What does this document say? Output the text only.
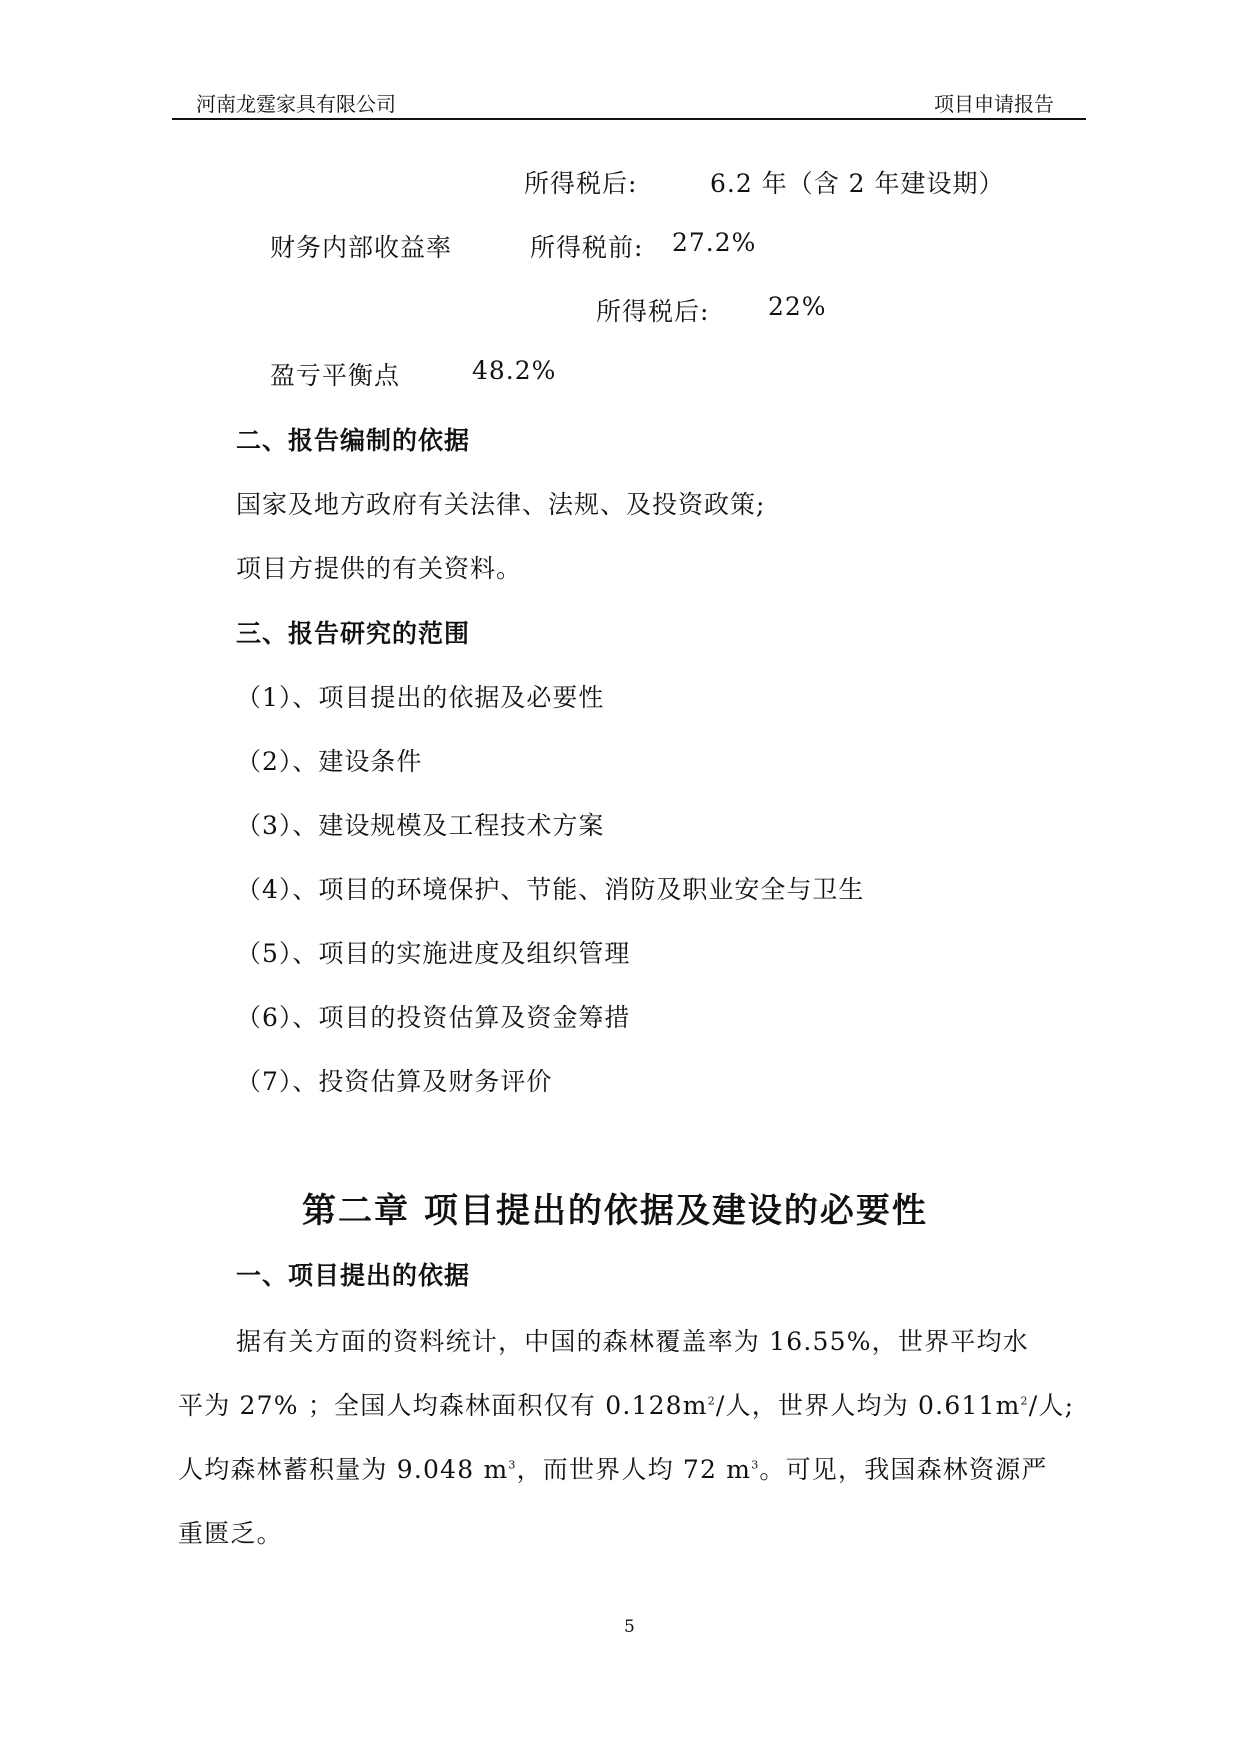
河南龙霆家具有限公司	项目申请报告
所得税后:	6.2 年（含 2 年建设期）
财务内部收益率	所得税前: 27.2%
所得税后: 22%
盈亏平衡点	48.2%
二、报告编制的依据
国家及地方政府有关法律、法规、及投资政策;
项目方提供的有关资料。
三、报告研究的范围
（1）、项目提出的依据及必要性
（2）、建设条件
（3）、建设规模及工程技术方案
（4）、项目的环境保护、节能、消防及职业安全与卫生
（5）、项目的实施进度及组织管理
（6）、项目的投资估算及资金筹措
（7）、投资估算及财务评价
第二章 项目提出的依据及建设的必要性
一、项目提出的依据
据有关方面的资料统计，中国的森林覆盖率为 16.55%，世界平均水
平为 27% ；全国人均森林面积仅有 $0.128m^2/$人，世界人均为 $0.611m^2/$人;
人均森林蓄积量为 9.048 $m^3$，而世界人均 72 $m^3$。可见，我国森林资源严
重匮乏。
5
